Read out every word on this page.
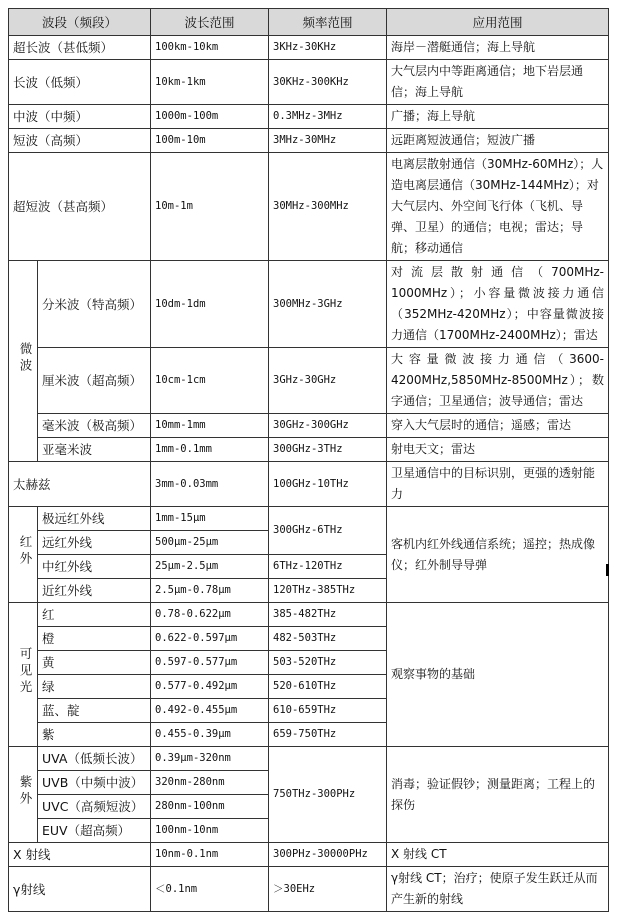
波段（频段）		波长范围	频率范围	应用范围
超长波（甚低频）		100km-10km	3KHz-30KHz	海岸－潜艇通信；海上导航
长波（低频）		10km-1km	30KHz-300KHz	大气层内中等距离通信；地下岩层通信；海上导航
中波（中频）		1000m-100m	0.3MHz-3MHz	广播；海上导航
短波（高频）		100m-10m	3MHz-30MHz	远距离短波通信；短波广播
超短波（甚高频）		10m-1m	30MHz-300MHz	电离层散射通信（30MHz-60MHz）；人造电离层通信（30MHz-144MHz）；对大气层内、外空间飞行体（飞机、导弹、卫星）的通信；电视；雷达；导航；移动通信
微波	分米波（特高频）	10dm-1dm	300MHz-3GHz	对流层散射通信（700MHz-1000MHz）；小容量微波接力通信（352MHz-420MHz）；中容量微波接力通信（1700MHz-2400MHz）；雷达
	厘米波（超高频）	10cm-1cm	3GHz-30GHz	大容量微波接力通信（3600-4200MHz,5850MHz-8500MHz）；数字通信；卫星通信；波导通信；雷达
	毫米波（极高频）	10mm-1mm	30GHz-300GHz	穿入大气层时的通信；遥感；雷达
	亚毫米波	1mm-0.1mm	300GHz-3THz	射电天文；雷达
太赫兹		3mm-0.03mm	100GHz-10THz	卫星通信中的目标识别，更强的透射能力
红外	极远红外线	1mm-15μm	300GHz-6THz	客机内红外线通信系统；遥控；热成像仪；红外制导导弹
	远红外线	500μm-25μm		
	中红外线	25μm-2.5μm	6THz-120THz	
	近红外线	2.5μm-0.78μm	120THz-385THz	
可见光	红	0.78-0.622μm	385-482THz	观察事物的基础
	橙	0.622-0.597μm	482-503THz	
	黄	0.597-0.577μm	503-520THz	
	绿	0.577-0.492μm	520-610THz	
	蓝、靛	0.492-0.455μm	610-659THz	
	紫	0.455-0.39μm	659-750THz	
紫外	UVA（低频长波）	0.39μm-320nm	750THz-300PHz	消毒；验证假钞；测量距离；工程上的探伤
	UVB（中频中波）	320nm-280nm		
	UVC（高频短波）	280nm-100nm		
	EUV（超高频）	100nm-10nm		
X 射线		10nm-0.1nm	300PHz-30000PHz	X 射线 CT
γ射线		＜0.1nm	＞30EHz	γ射线 CT；治疗；使原子发生跃迁从而产生新的射线
